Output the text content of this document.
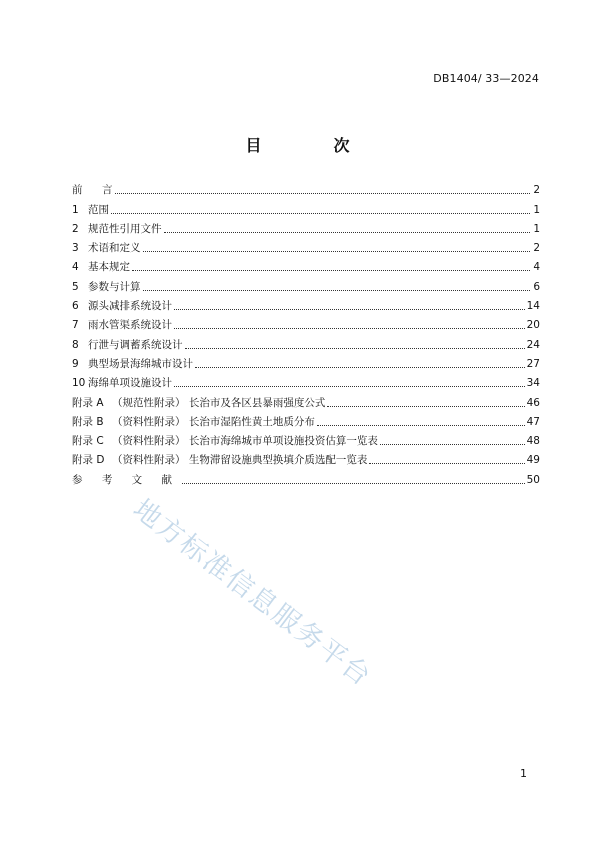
DB1404/ 33—2024
目　次
前	言	2
1 范围	1
2 规范性引用文件	1
3 术语和定义	2
4 基本规定	4
5 参数与计算	6
6 源头减排系统设计	14
7 雨水管渠系统设计	20
8 行泄与调蓄系统设计	24
9 典型场景海绵城市设计	27
10 海绵单项设施设计	34
附录 A （规范性附录） 长治市及各区县暴雨强度公式	46
附录 B （资料性附录） 长治市湿陷性黄土地质分布	47
附录 C （资料性附录） 长治市海绵城市单项设施投资估算一览表	48
附录 D （资料性附录） 生物滞留设施典型换填介质选配一览表	49
参 考 文 献	50
地方标准信息服务平台
1
